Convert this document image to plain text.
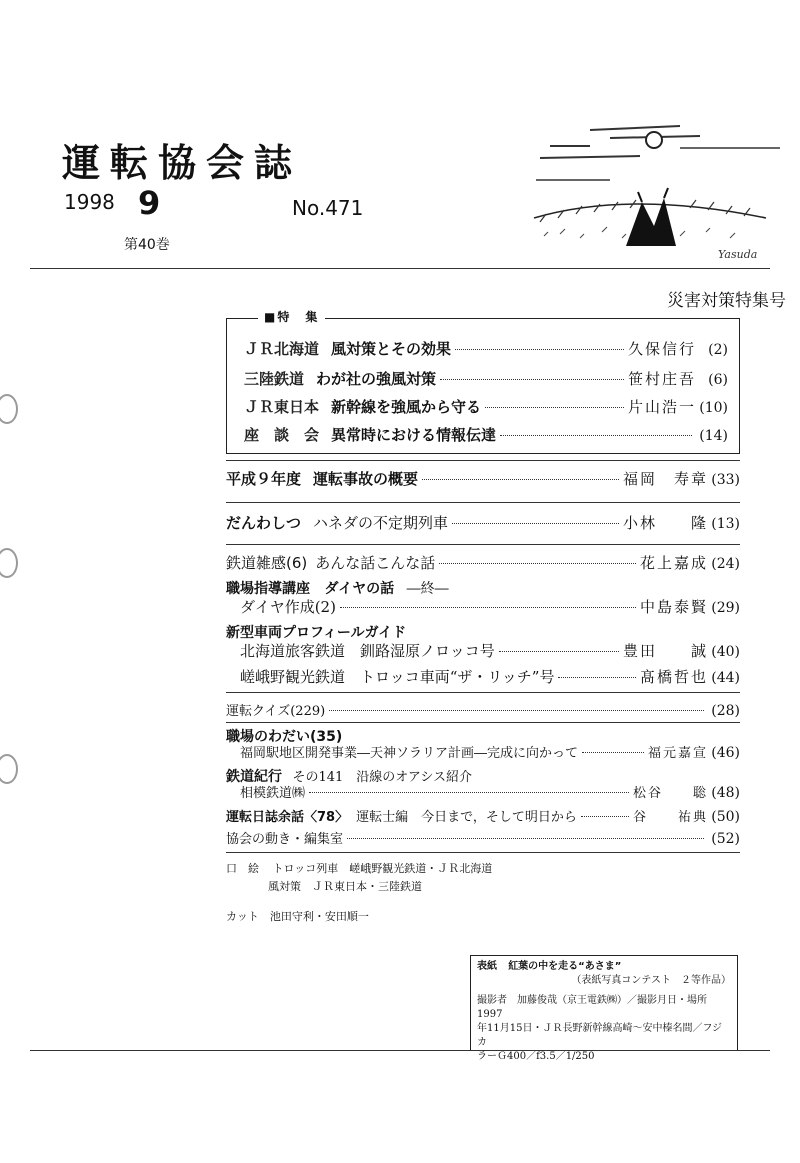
運転協会誌
1998 9
第40巻
No.471
Yasuda
災害対策特集号
■特　集
ＪＲ北海道 風対策とその効果	久保信行 (2)
三陸鉄道 わが社の強風対策	笹村庄吾 (6)
ＪＲ東日本 新幹線を強風から守る	片山浩一 (10)
座　談　会 異常時における情報伝達	(14)
平成９年度 運転事故の概要	福岡　寿章 (33)
だんわしつ ハネダの不定期列車	小林　　隆 (13)
鉄道雑感(6) あんな話こんな話	花上嘉成 (24)
職場指導講座 ダイヤの話 ―終―
ダイヤ作成(2)	中島泰賢 (29)
新型車両プロフィールガイド
北海道旅客鉄道　釧路湿原ノロッコ号	豊田　　誠 (40)
嵯峨野観光鉄道　トロッコ車両“ザ・リッチ”号	髙橋哲也 (44)
運転クイズ(229)	(28)
職場のわだい(35)
福岡駅地区開発事業―天神ソラリア計画―完成に向かって	福元嘉宣 (46)
鉄道紀行 その141　沿線のオアシス紹介
相模鉄道㈱	松谷　　聡 (48)
運転日誌余話〈78〉 運転士編　今日まで，そして明日から	谷　　祐典 (50)
協会の動き・編集室	(52)
口　絵 トロッコ列車　嵯峨野観光鉄道・ＪＲ北海道
風対策　ＪＲ東日本・三陸鉄道
カット　池田守利・安田順一
表紙 紅葉の中を走る“あさま”
（表紙写真コンテスト　２等作品）
撮影者　加藤俊哉（京王電鉄㈱）／撮影月日・場所　1997
年11月15日・ＪＲ長野新幹線高崎～安中榛名間／フジカ
ラーＧ400／f3.5／1/250
